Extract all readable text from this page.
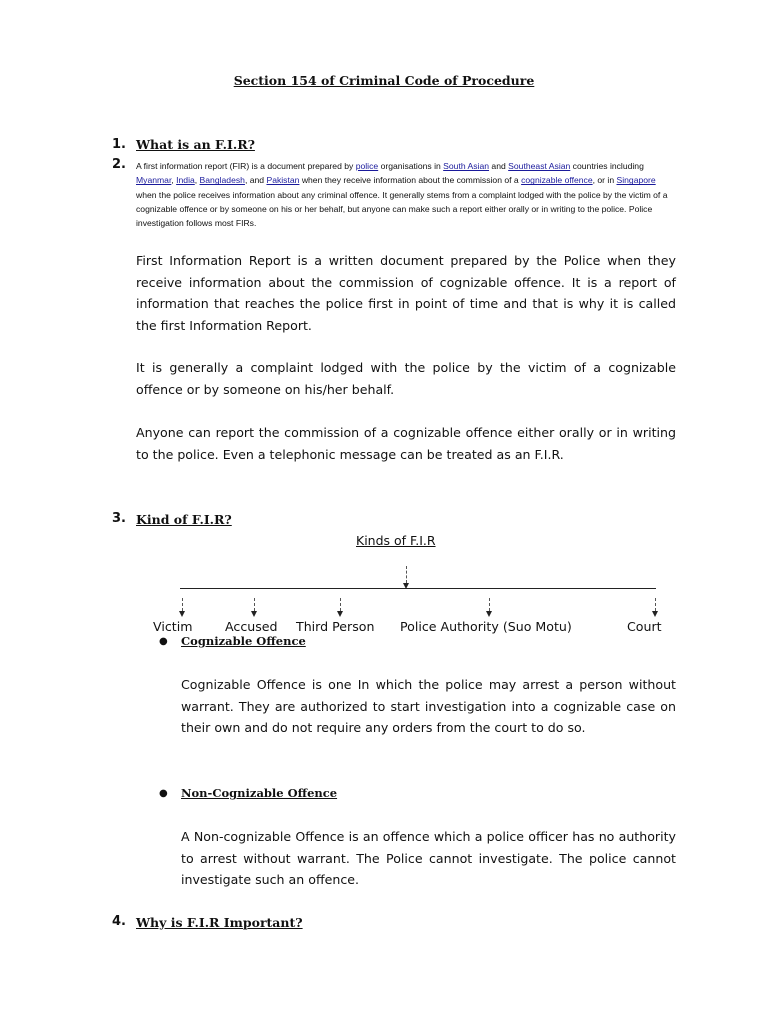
Section 154 of Criminal Code of Procedure
1. What is an F.I.R?
2. A first information report (FIR) is a document prepared by police organisations in South Asian and Southeast Asian countries including Myanmar, India, Bangladesh, and Pakistan when they receive information about the commission of a cognizable offence, or in Singapore when the police receives information about any criminal offence. It generally stems from a complaint lodged with the police by the victim of a cognizable offence or by someone on his or her behalf, but anyone can make such a report either orally or in writing to the police. Police investigation follows most FIRs.
First Information Report is a written document prepared by the Police when they receive information about the commission of cognizable offence. It is a report of information that reaches the police first in point of time and that is why it is called the first Information Report.
It is generally a complaint lodged with the police by the victim of a cognizable offence or by someone on his/her behalf.
Anyone can report the commission of a cognizable offence either orally or in writing to the police. Even a telephonic message can be treated as an F.I.R.
3. Kind of F.I.R?
Kinds of F.I.R
Victim	Accused Third Person Police Authority (Suo Motu)	Court
● Cognizable Offence
Cognizable Offence is one In which the police may arrest a person without warrant. They are authorized to start investigation into a cognizable case on their own and do not require any orders from the court to do so.
● Non-Cognizable Offence
A Non-cognizable Offence is an offence which a police officer has no authority to arrest without warrant. The Police cannot investigate. The police cannot investigate such an offence.
4. Why is F.I.R Important?
